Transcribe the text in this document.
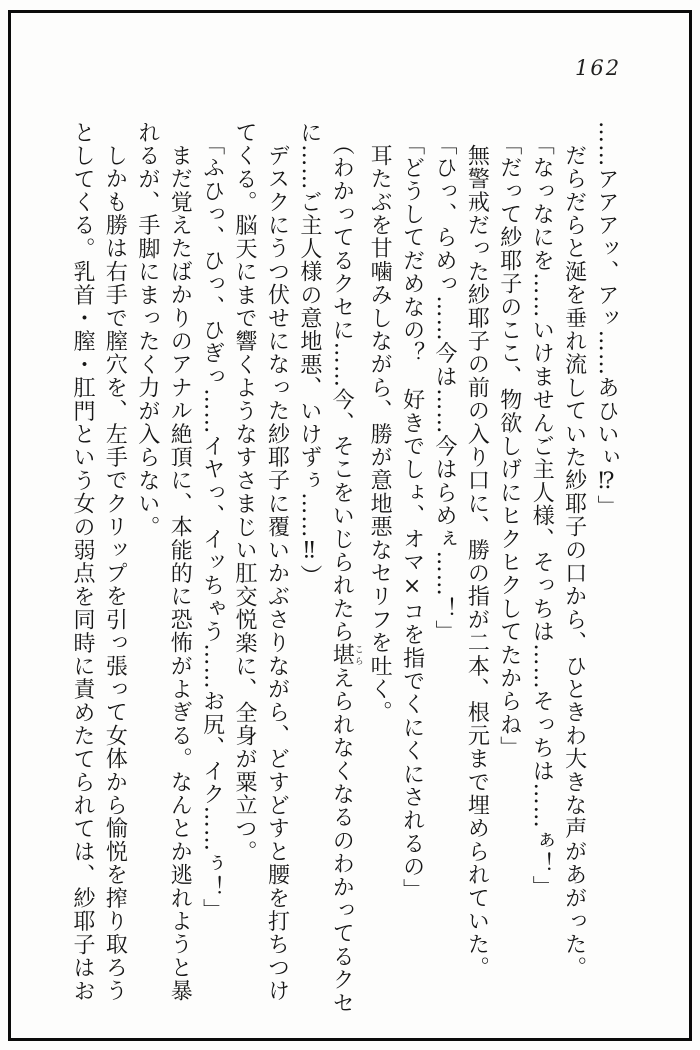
162
……アアアッ、アッ……あひいぃ⁉」
だらだらと涎を垂れ流していた紗耶子の口から、ひときわ大きな声があがった。
「なっなにを……いけませんご主人様、そっちは……そっちは……ぁ！」
「だって紗耶子のここ、物欲しげにヒクヒクしてたからね」
無警戒だった紗耶子の前の入り口に、勝の指が二本、根元まで埋められていた。
「ひっ、らめっ……今は……今はらめぇ……！」
「どうしてだめなの？　好きでしょ、オマ×コを指でくにくにされるの」
耳たぶを甘噛みしながら、勝が意地悪なセリフを吐く。
（わかってるクセに……今、そこをいじられたら堪こらえられなくなるのわかってるクセ
に……ご主人様の意地悪、いけずぅ……‼）
デスクにうつ伏せになった紗耶子に覆いかぶさりながら、どすどすと腰を打ちつけ
てくる。脳天にまで響くようなすさまじい肛交悦楽に、全身が粟立つ。
「ふひっ、ひっ、ひぎっ……イヤっ、イッちゃう……お尻、イク……ぅ！」
まだ覚えたばかりのアナル絶頂に、本能的に恐怖がよぎる。なんとか逃れようと暴
れるが、手脚にまったく力が入らない。
しかも勝は右手で膣穴を、左手でクリップを引っ張って女体から愉悦を搾り取ろう
としてくる。乳首・膣・肛門という女の弱点を同時に責めたてられては、紗耶子はお
